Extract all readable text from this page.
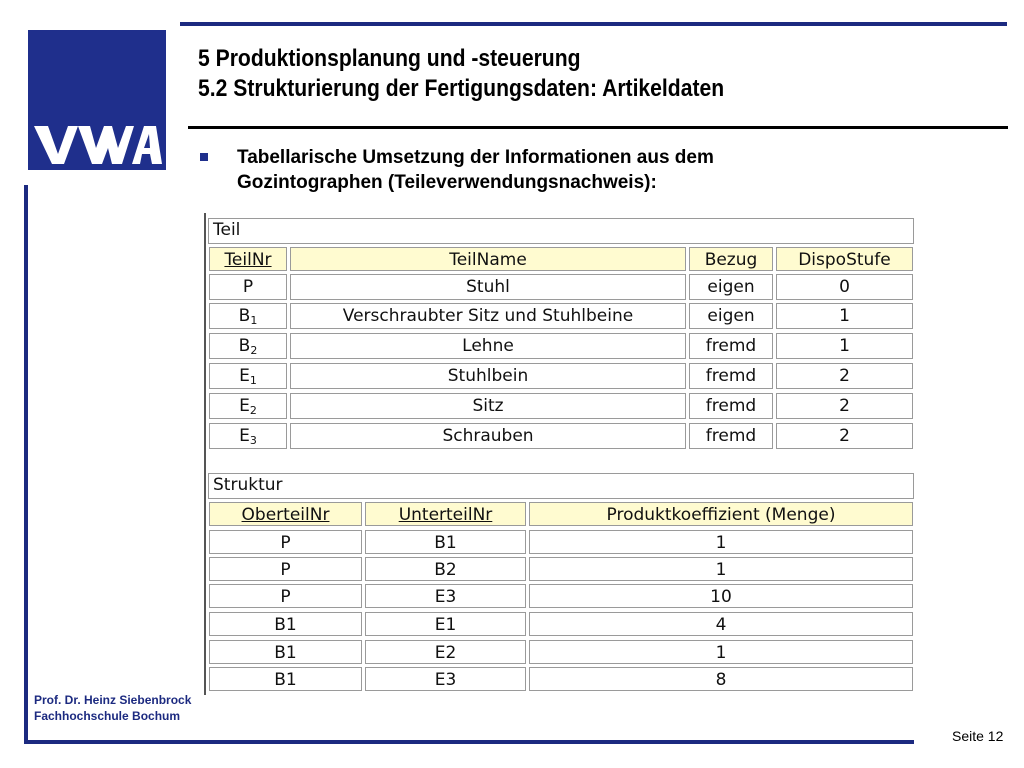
5 Produktionsplanung und -steuerung
5.2 Strukturierung der Fertigungsdaten: Artikeldaten
Tabellarische Umsetzung der Informationen aus dem
Gozintographen (Teileverwendungsnachweis):
Teil
TeilNr	TeilName	Bezug	DispoStufe
P	Stuhl	eigen	0
$B_1$	Verschraubter Sitz und Stuhlbeine	eigen	1
$B_2$	Lehne	fremd	1
$E_1$	Stuhlbein	fremd	2
$E_2$	Sitz	fremd	2
$E_3$	Schrauben	fremd	2
Struktur
OberteilNr	UnterteilNr	Produktkoeffizient (Menge)
P	B1	1
P	B2	1
P	E3	10
B1	E1	4
B1	E2	1
B1	E3	8
Prof. Dr. Heinz Siebenbrock
Fachhochschule Bochum
Seite 12
